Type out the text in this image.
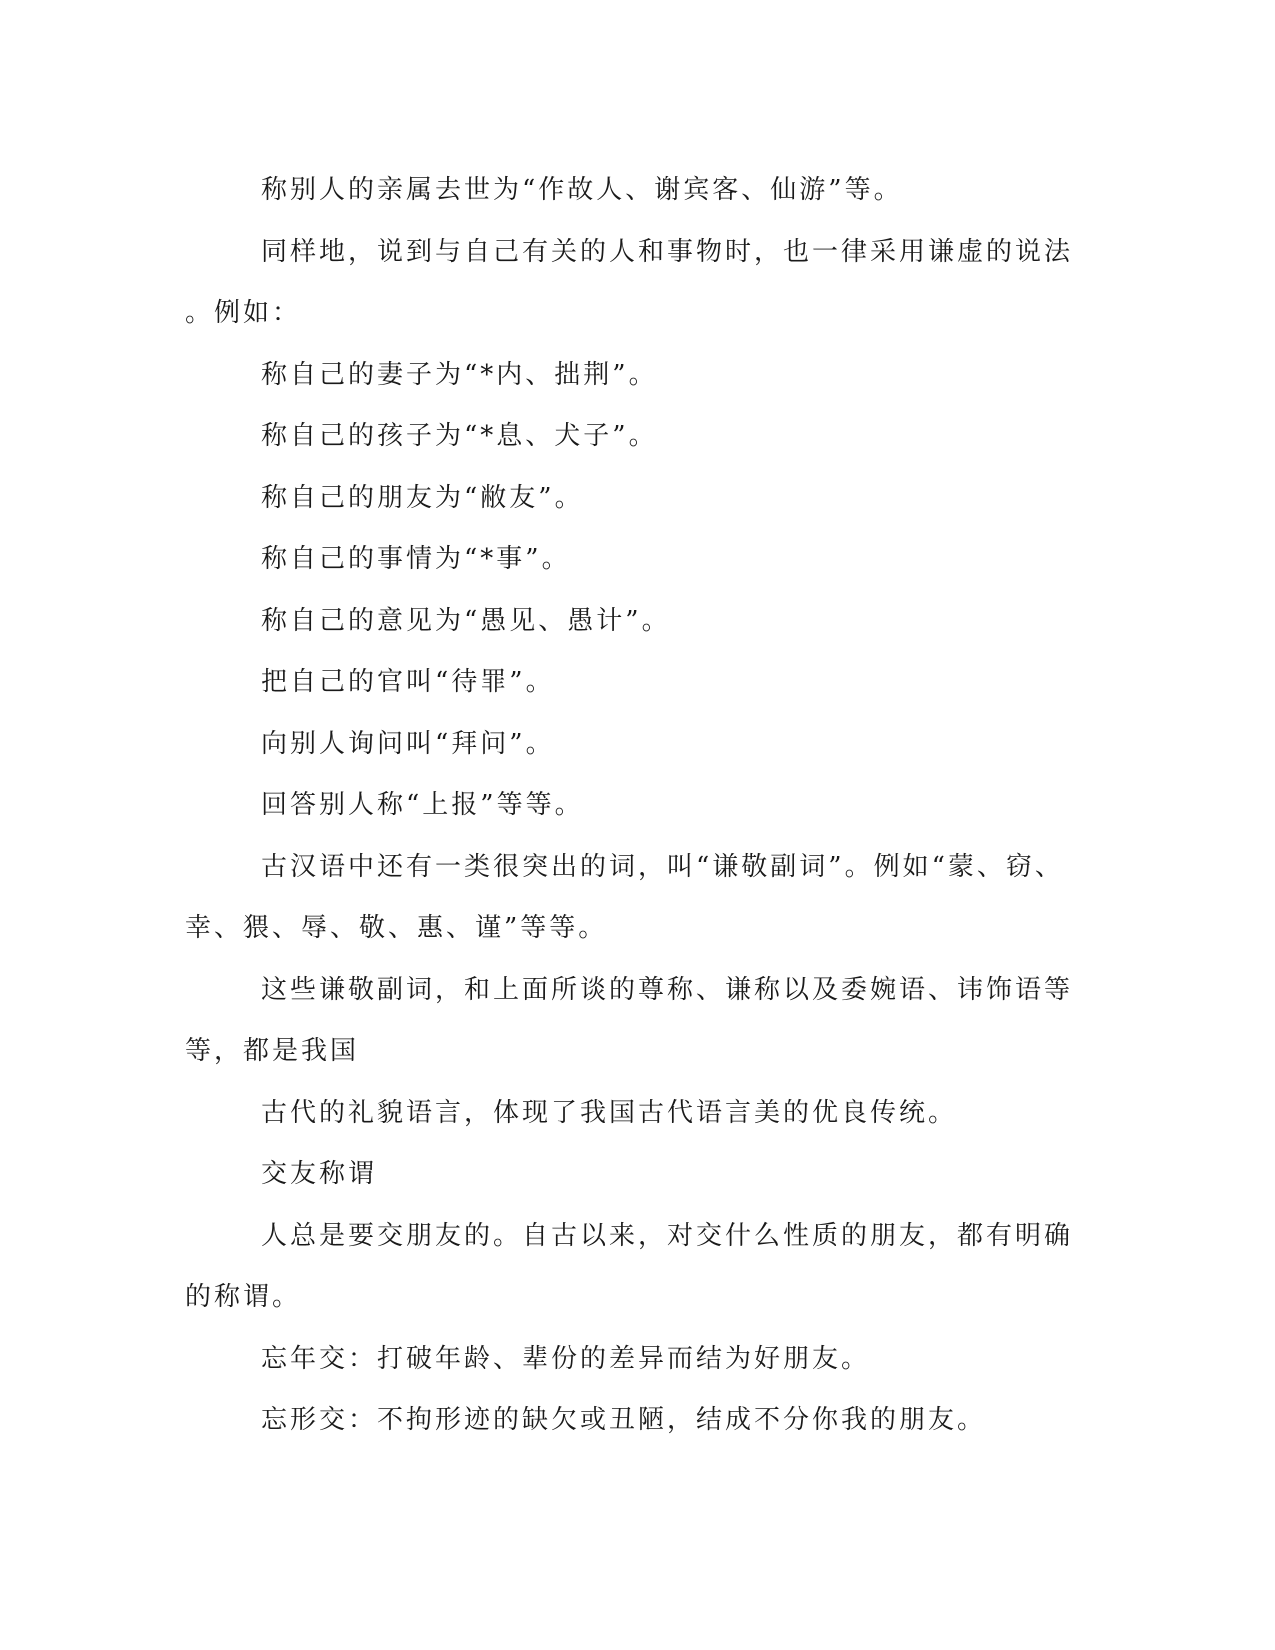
称别人的亲属去世为“作故人、谢宾客、仙游”等。

同样地，说到与自己有关的人和事物时，也一律采用谦虚的说法

。例如：

称自己的妻子为“*内、拙荆”。

称自己的孩子为“*息、犬子”。

称自己的朋友为“敝友”。

称自己的事情为“*事”。

称自己的意见为“愚见、愚计”。

把自己的官叫“待罪”。

向别人询问叫“拜问”。

回答别人称“上报”等等。

古汉语中还有一类很突出的词，叫“谦敬副词”。例如“蒙、窃、

幸、猥、辱、敬、惠、谨”等等。

这些谦敬副词，和上面所谈的尊称、谦称以及委婉语、讳饰语等

等，都是我国

古代的礼貌语言，体现了我国古代语言美的优良传统。

交友称谓

人总是要交朋友的。自古以来，对交什么性质的朋友，都有明确

的称谓。

忘年交：打破年龄、辈份的差异而结为好朋友。

忘形交：不拘形迹的缺欠或丑陋，结成不分你我的朋友。
